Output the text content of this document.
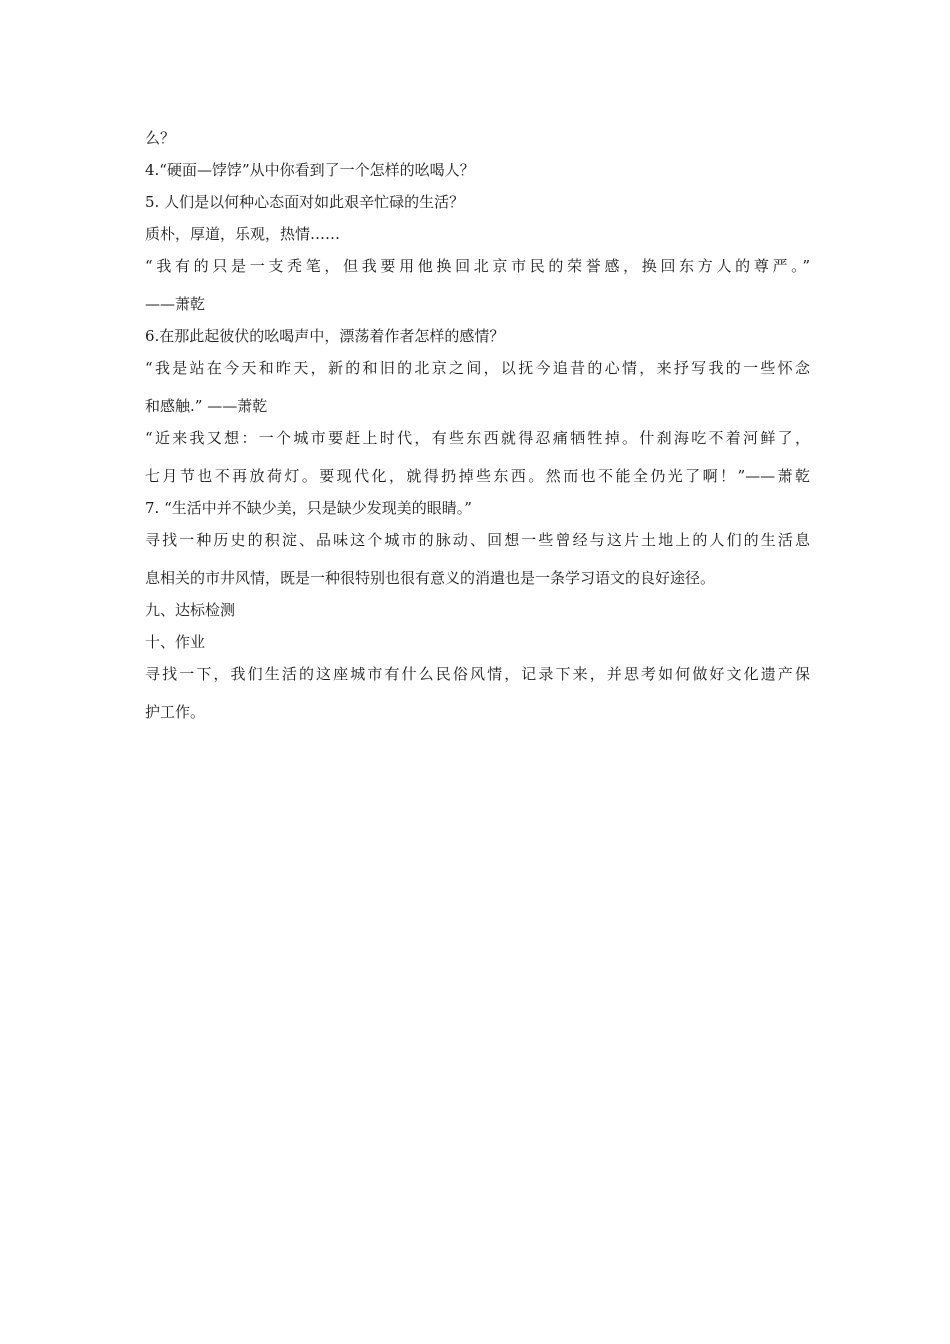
么？
4.“硬面—饽饽”从中你看到了一个怎样的吆喝人？
5. 人们是以何种心态面对如此艰辛忙碌的生活？
质朴，厚道，乐观，热情……
“我有的只是一支秃笔，但我要用他换回北京市民的荣誉感，换回东方人的尊严。”
——萧乾
6.在那此起彼伏的吆喝声中，漂荡着作者怎样的感情？
“我是站在今天和昨天，新的和旧的北京之间，以抚今追昔的心情，来抒写我的一些怀念
和感触.” ——萧乾
“近来我又想：一个城市要赶上时代，有些东西就得忍痛牺牲掉。什刹海吃不着河鲜了，
七月节也不再放荷灯。要现代化，就得扔掉些东西。然而也不能全仍光了啊！”——萧乾
7. “生活中并不缺少美，只是缺少发现美的眼睛。”
寻找一种历史的积淀、品味这个城市的脉动、回想一些曾经与这片土地上的人们的生活息
息相关的市井风情，既是一种很特别也很有意义的消遣也是一条学习语文的良好途径。
九、达标检测
十、作业
寻找一下，我们生活的这座城市有什么民俗风情，记录下来，并思考如何做好文化遗产保
护工作。
